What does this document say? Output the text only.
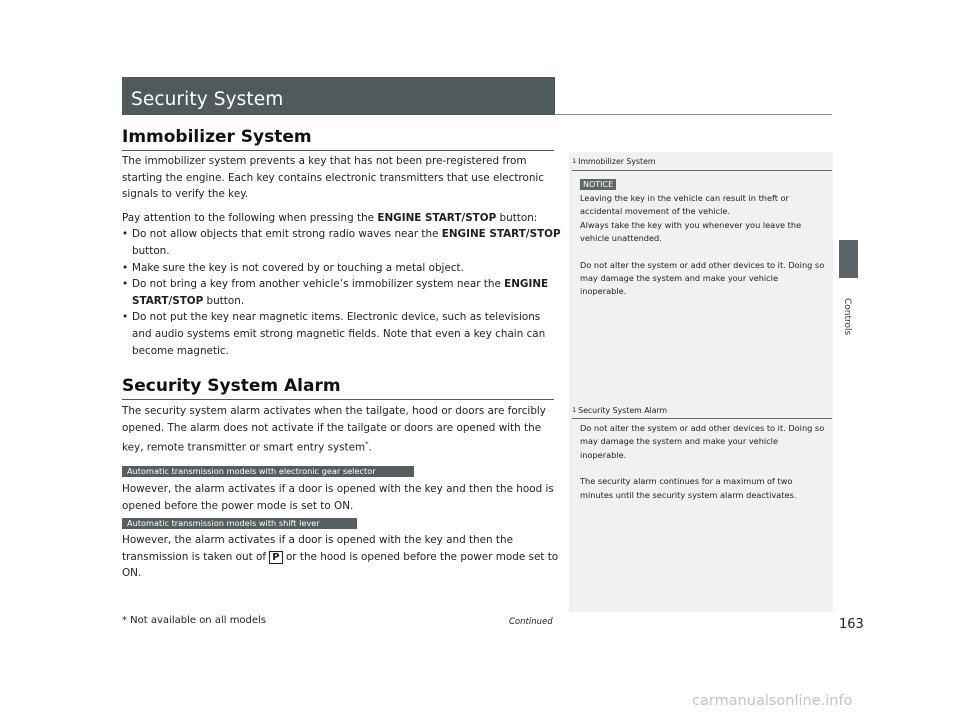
Security System
Immobilizer System

The immobilizer system prevents a key that has not been pre-registered from starting the engine. Each key contains electronic transmitters that use electronic signals to verify the key.

Pay attention to the following when pressing the ENGINE START/STOP button:

• Do not allow objects that emit strong radio waves near the ENGINE START/STOP button.
• Make sure the key is not covered by or touching a metal object.
• Do not bring a key from another vehicle’s immobilizer system near the ENGINE START/STOP button.
• Do not put the key near magnetic items. Electronic device, such as televisions and audio systems emit strong magnetic fields. Note that even a key chain can become magnetic.
Security System Alarm

The security system alarm activates when the tailgate, hood or doors are forcibly opened. The alarm does not activate if the tailgate or doors are opened with the key, remote transmitter or smart entry system*.

Automatic transmission models with electronic gear selector
However, the alarm activates if a door is opened with the key and then the hood is opened before the power mode is set to ON.
Automatic transmission models with shift lever

However, the alarm activates if a door is opened with the key and then the transmission is taken out of P or the hood is opened before the power mode set to ON.

1 Immobilizer System
NOTICE

Leaving the key in the vehicle can result in theft or accidental movement of the vehicle.

Always take the key with you whenever you leave the vehicle unattended.

Do not alter the system or add other devices to it. Doing so may damage the system and make your vehicle inoperable.

1 Security System Alarm

Do not alter the system or add other devices to it. Doing so may damage the system and make your vehicle inoperable.

The security alarm continues for a maximum of two minutes until the security system alarm deactivates.

Controls
* Not available on all models	Continued	163
carmanualsonline.info
